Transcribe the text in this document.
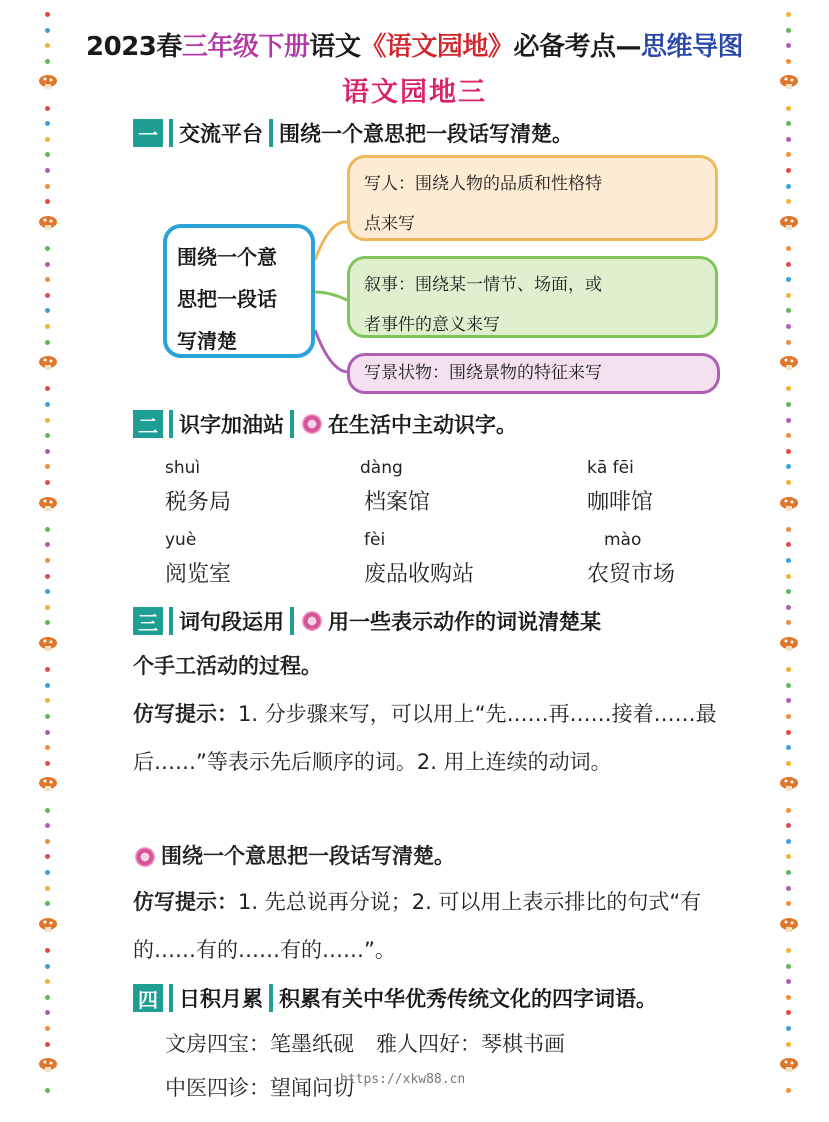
2023春三年级下册语文《语文园地》必备考点—思维导图
语文园地三
一 交流平台 围绕一个意思把一段话写清楚。
围绕一个意
思把一段话
写清楚
写人：围绕人物的品质和性格特
点来写
叙事：围绕某一情节、场面，或
者事件的意义来写
写景状物：围绕景物的特征来写
二 识字加油站 在生活中主动识字。
shuì
税务局
dàng
档案馆
kā fēi
咖啡馆
yuè
阅览室
fèi
废品收购站
mào
农贸市场
三 词句段运用 用一些表示动作的词说清楚某
个手工活动的过程。
仿写提示：1. 分步骤来写，可以用上“先……再……接着……最后……”等表示先后顺序的词。2. 用上连续的动词。
围绕一个意思把一段话写清楚。
仿写提示：1. 先总说再分说；2. 可以用上表示排比的句式“有的……有的……有的……”。
四 日积月累 积累有关中华优秀传统文化的四字词语。
文房四宝：笔墨纸砚 雅人四好：琴棋书画
中医四诊：望闻问切
https://xkw88.cn
